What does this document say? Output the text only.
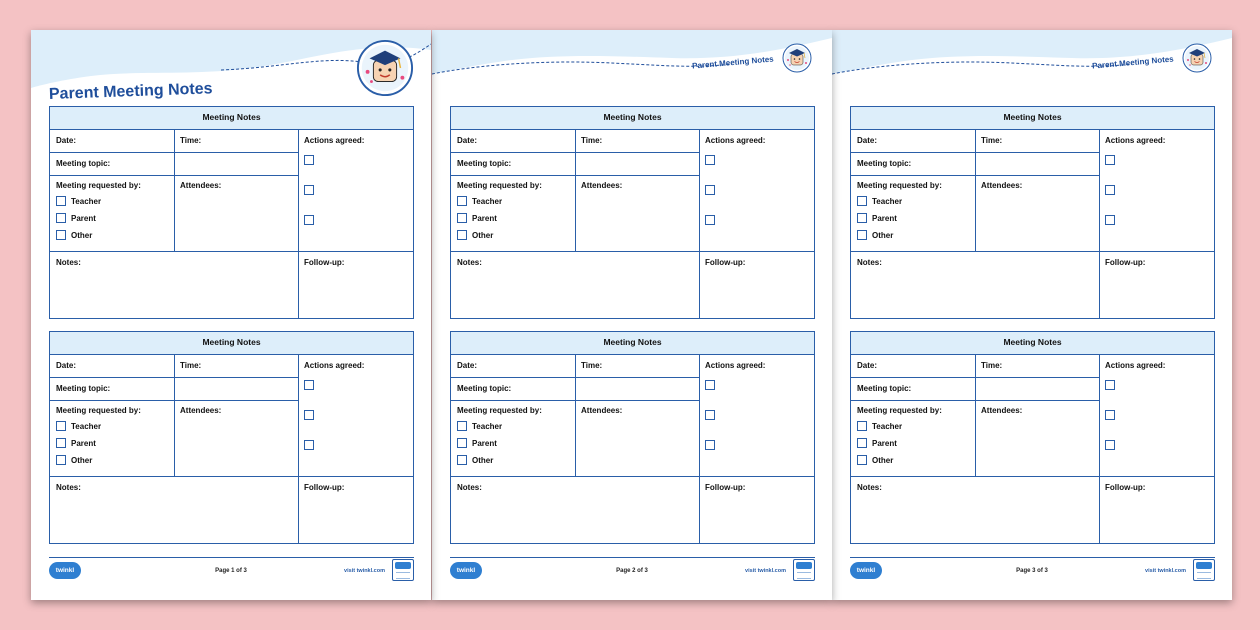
Parent Meeting Notes
Meeting Notes

Date:	Time:	Actions agreed:

Meeting topic:

Meeting requested by:	Attendees:

Teacher
Parent
Other

Notes:	Follow-up:

Meeting Notes

Date:	Time:	Actions agreed:

Meeting topic:

Meeting requested by:	Attendees:

Teacher
Parent
Other

Notes:	Follow-up:

twinkl	Page 1 of 3	visit twinkl.com
Parent Meeting Notes
Meeting Notes

Date:	Time:	Actions agreed:

Meeting topic:

Meeting requested by:	Attendees:

Teacher
Parent
Other

Notes:	Follow-up:

Meeting Notes

Date:	Time:	Actions agreed:

Meeting topic:

Meeting requested by:	Attendees:

Teacher
Parent
Other

Notes:	Follow-up:

twinkl	Page 2 of 3	visit twinkl.com
Parent Meeting Notes
Meeting Notes

Date:	Time:	Actions agreed:

Meeting topic:

Meeting requested by:	Attendees:

Teacher
Parent
Other

Notes:	Follow-up:

Meeting Notes

Date:	Time:	Actions agreed:

Meeting topic:

Meeting requested by:	Attendees:

Teacher
Parent
Other

Notes:	Follow-up:

twinkl	Page 3 of 3	visit twinkl.com
